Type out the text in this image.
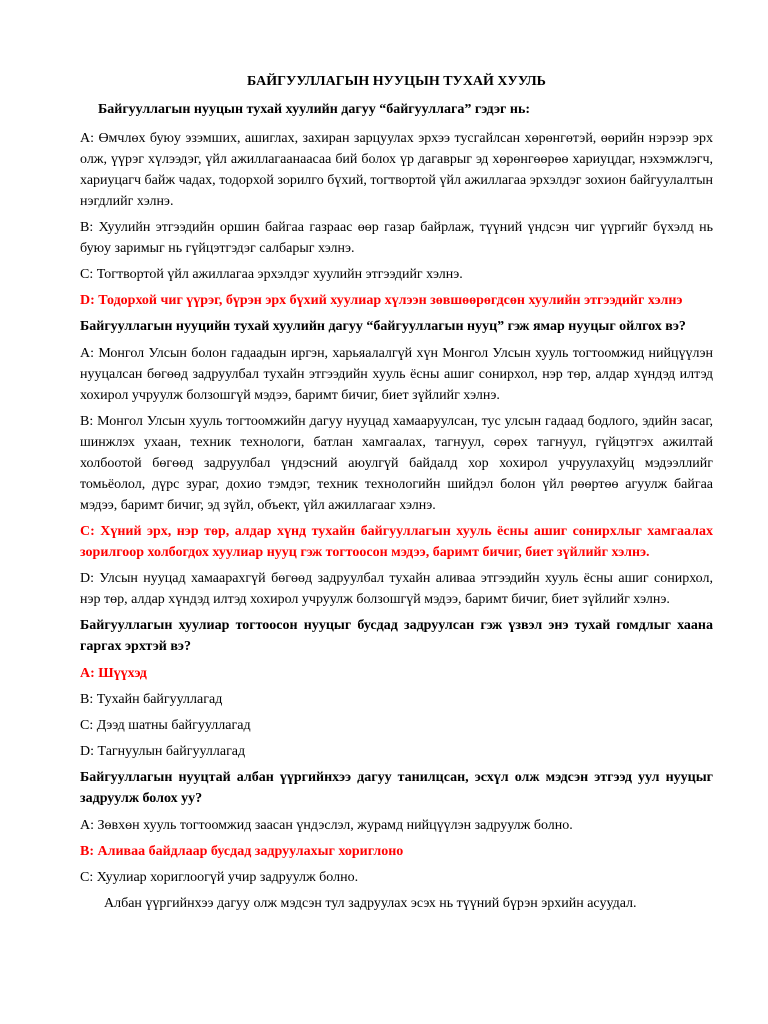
БАЙГУУЛЛАГЫН НУУЦЫН ТУХАЙ ХУУЛЬ

Байгууллагын нууцын тухай хуулийн дагуу “байгууллага” гэдэг нь:

A: Өмчлөх буюу эзэмших, ашиглах, захиран зарцуулах эрхээ тусгайлсан хөрөнгөтэй, өөрийн нэрээр эрх олж, үүрэг хүлээдэг, үйл ажиллагаанаасаа бий болох үр дагаврыг эд хөрөнгөөрөө хариуцдаг, нэхэмжлэгч, хариуцагч байж чадах, тодорхой зорилго бүхий, тогтвортой үйл ажиллагаа эрхэлдэг зохион байгуулалтын нэгдлийг хэлнэ.

B: Хуулийн этгээдийн оршин байгаа газраас өөр газар байрлаж, түүний үндсэн чиг үүргийг бүхэлд нь буюу заримыг нь гүйцэтгэдэг салбарыг хэлнэ.

C: Тогтвортой үйл ажиллагаа эрхэлдэг хуулийн этгээдийг хэлнэ.

D: Тодорхой чиг үүрэг, бүрэн эрх бүхий хуулиар хүлээн зөвшөөрөгдсөн хуулийн этгээдийг хэлнэ

Байгууллагын нууцийн тухай хуулийн дагуу “байгууллагын нууц” гэж ямар нууцыг ойлгох вэ?

A: Монгол Улсын болон гадаадын иргэн, харьяалалгүй хүн Монгол Улсын хууль тогтоомжид нийцүүлэн нууцалсан бөгөөд задруулбал тухайн этгээдийн хууль ёсны ашиг сонирхол, нэр төр, алдар хүндэд илтэд хохирол учруулж болзошгүй мэдээ, баримт бичиг, биет зүйлийг хэлнэ.

B: Монгол Улсын хууль тогтоомжийн дагуу нууцад хамааруулсан, тус улсын гадаад бодлого, эдийн засаг, шинжлэх ухаан, техник технологи, батлан хамгаалах, тагнуул, сөрөх тагнуул, гүйцэтгэх ажилтай холбоотой бөгөөд задруулбал үндэсний аюулгүй байдалд хор хохирол учруулахуйц мэдээллийг томьёолол, дүрс зураг, дохио тэмдэг, техник технологийн шийдэл болон үйл рөөртөө агуулж байгаа мэдээ, баримт бичиг, эд зүйл, объект, үйл ажиллагааг хэлнэ.

C: Хүний эрх, нэр төр, алдар хүнд тухайн байгууллагын хууль ёсны ашиг сонирхлыг хамгаалах зорилгоор холбогдох хуулиар нууц гэж тогтоосон мэдээ, баримт бичиг, биет зүйлийг хэлнэ.

D: Улсын нууцад хамаарахгүй бөгөөд задруулбал тухайн аливаа этгээдийн хууль ёсны ашиг сонирхол, нэр төр, алдар хүндэд илтэд хохирол учруулж болзошгүй мэдээ, баримт бичиг, биет зүйлийг хэлнэ.

Байгууллагын хуулиар тогтоосон нууцыг бусдад задруулсан гэж үзвэл энэ тухай гомдлыг хаана гаргах эрхтэй вэ?

A: Шүүхэд

B: Тухайн байгууллагад

C: Дээд шатны байгууллагад

D: Тагнуулын байгууллагад

Байгууллагын нууцтай албан үүргийнхээ дагуу танилцсан, эсхүл олж мэдсэн этгээд уул нууцыг задруулж болох уу?

A: Зөвхөн хууль тогтоомжид заасан үндэслэл, журамд нийцүүлэн задруулж болно.

B: Аливаа байдлаар бусдад задруулахыг хориглоно

C: Хуулиар хориглоогүй учир задруулж болно.

Албан үүргийнхээ дагуу олж мэдсэн тул задруулах эсэх нь түүний бүрэн эрхийн асуудал.
